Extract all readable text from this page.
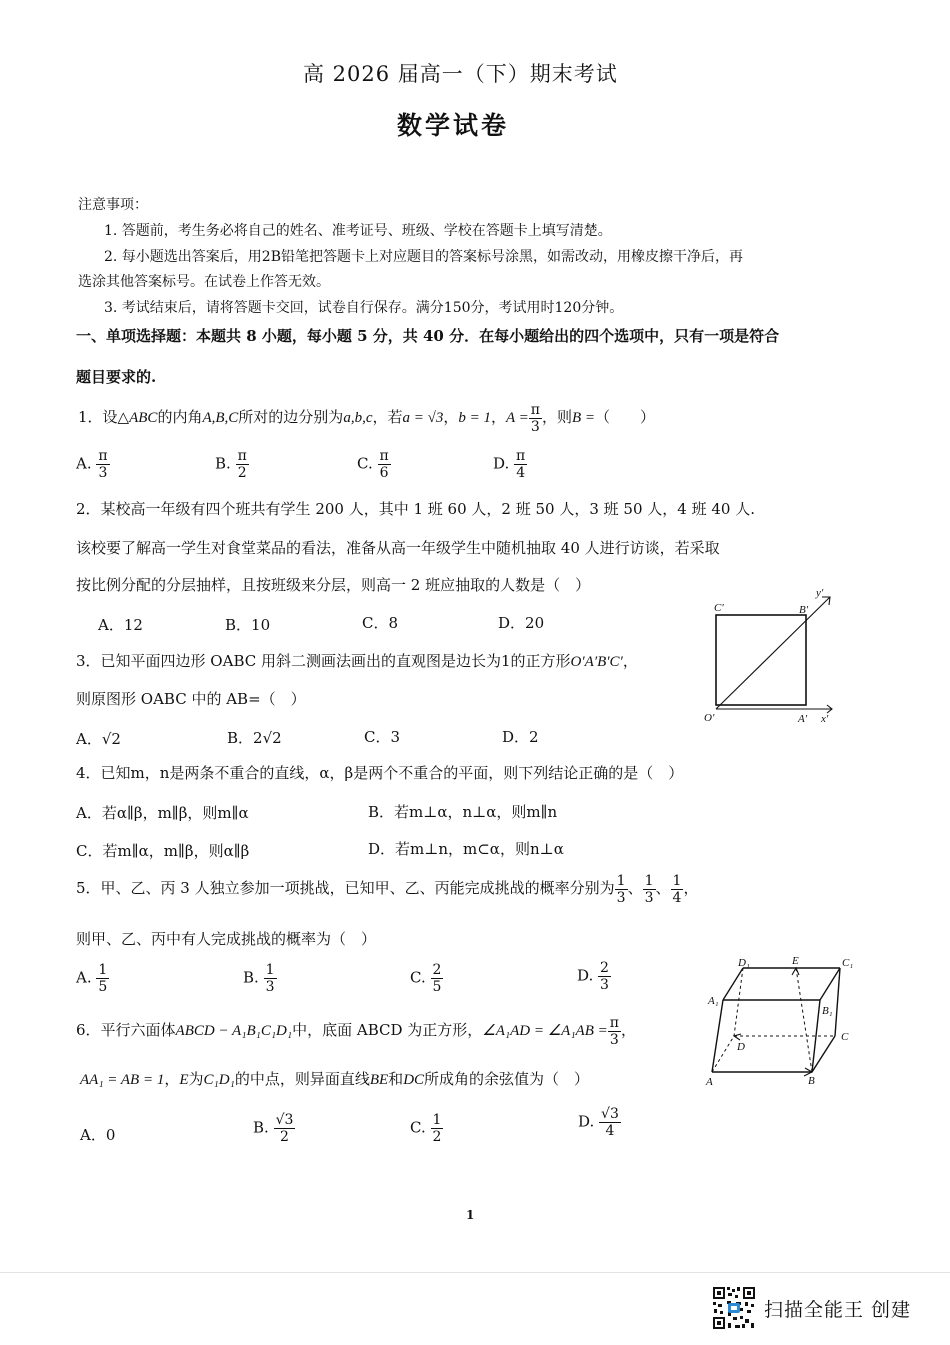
高 2026 届高一（下）期末考试
数学试卷
注意事项：
1. 答题前，考生务必将自己的姓名、准考证号、班级、学校在答题卡上填写清楚。
2. 每小题选出答案后，用2B铅笔把答题卡上对应题目的答案标号涂黑，如需改动，用橡皮擦干净后，再
选涂其他答案标号。在试卷上作答无效。
3. 考试结束后，请将答题卡交回，试卷自行保存。满分150分，考试用时120分钟。
一、单项选择题：本题共 8 小题，每小题 5 分，共 40 分．在每小题给出的四个选项中，只有一项是符合
题目要求的.
1．设△ABC的内角A,B,C所对的边分别为a,b,c，若a = √3，b = 1，$A = \frac{\pi}{3}$ ，则B =（　　）
A. $\frac{\pi}{3}$	B. $\frac{\pi}{2}$	C. $\frac{\pi}{6}$	D. $\frac{\pi}{4}$
2．某校高一年级有四个班共有学生 200 人，其中 1 班 60 人，2 班 50 人，3 班 50 人，4 班 40 人.
该校要了解高一学生对食堂菜品的看法，准备从高一年级学生中随机抽取 40 人进行访谈，若采取
按比例分配的分层抽样，且按班级来分层，则高一 2 班应抽取的人数是（　）
A．12	B．10	C．8	D．20
C′	B′
O′	A′ x′
y′
3．已知平面四边形 OABC 用斜二测画法画出的直观图是边长为1的正方形O′A′B′C′，
则原图形 OABC 中的 AB=（　）
A．√2	B．2√2	C．3	D．2
4．已知m，n是两条不重合的直线，α，β是两个不重合的平面，则下列结论正确的是（　）
A．若α∥β，m∥β，则m∥α	B．若m⊥α，n⊥α，则m∥n
C．若m∥α，m∥β，则α∥β	D．若m⊥n，m⊂α，则n⊥α
5．甲、乙、丙 3 人独立参加一项挑战，已知甲、乙、丙能完成挑战的概率分别为 $\frac{1}{3}$ 、 $\frac{1}{3}$ 、 $\frac{1}{4}$ ，
则甲、乙、丙中有人完成挑战的概率为（　）
A. $\frac{1}{5}$	B. $\frac{1}{3}$	C. $\frac{2}{5}$	D. $\frac{2}{3}$	D₁	E	C₁
A₁
B₁
C
D
A	B
6．平行六面体ABCD − A₁B₁C₁D₁中，底面 ABCD 为正方形，∠A₁AD = ∠A₁AB = $\frac{\pi}{3}$ ，
AA₁ = AB = 1，E为C₁D₁的中点，则异面直线BE和DC所成角的余弦值为（　）
A．0	B. $\frac{√3}{2}$	C. $\frac{1}{2}$	D. $\frac{√3}{4}$
1
扫描全能王 创建
